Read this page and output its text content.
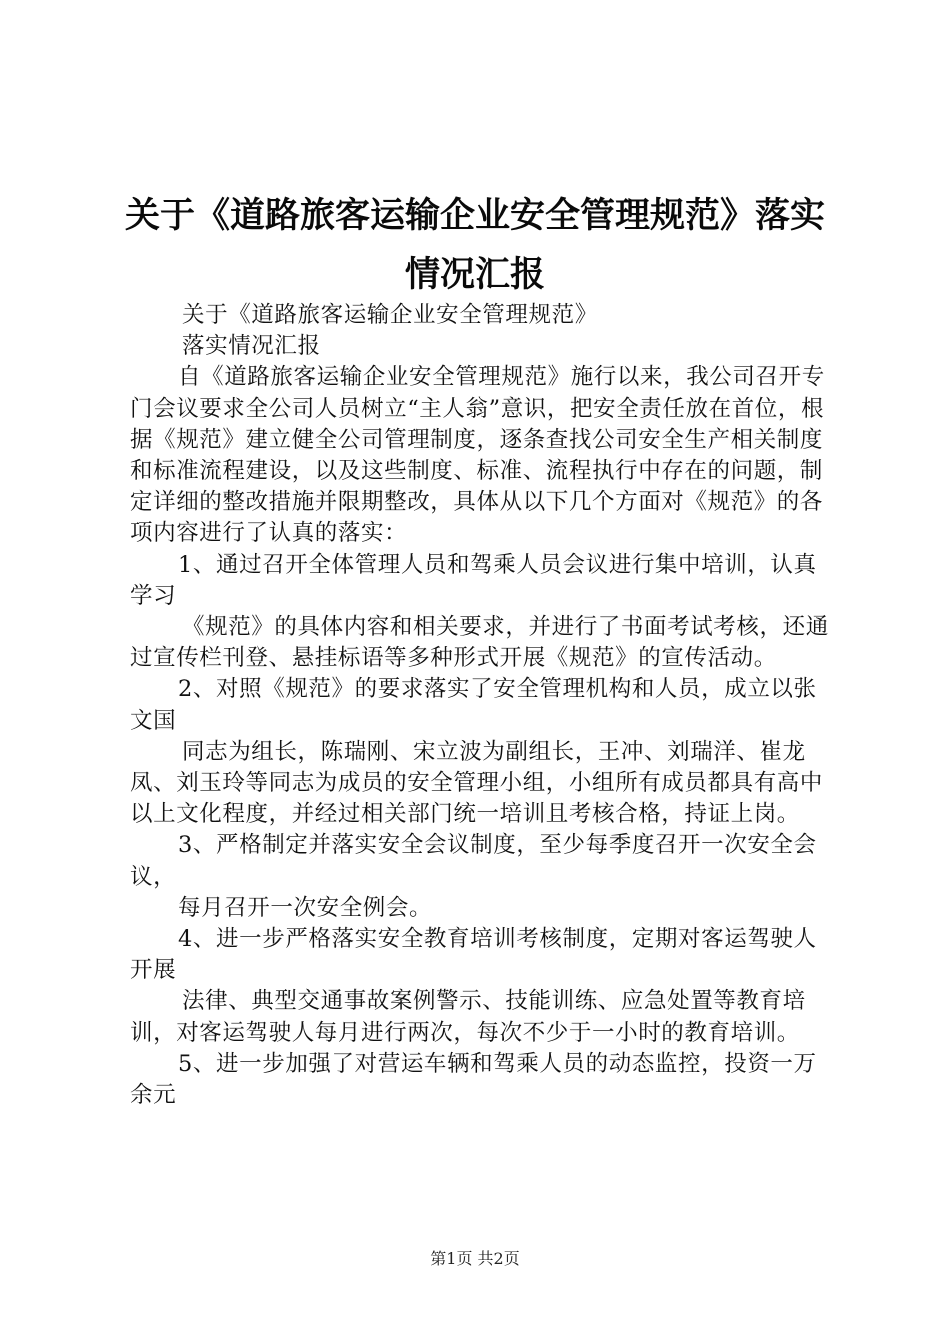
关于《道路旅客运输企业安全管理规范》落实
情况汇报

关于《道路旅客运输企业安全管理规范》

落实情况汇报

自《道路旅客运输企业安全管理规范》施行以来，我公司召开专门会议要求全公司人员树立“主人翁”意识，把安全责任放在首位，根据《规范》建立健全公司管理制度，逐条查找公司安全生产相关制度和标准流程建设，以及这些制度、标准、流程执行中存在的问题，制定详细的整改措施并限期整改，具体从以下几个方面对《规范》的各项内容进行了认真的落实：

1、通过召开全体管理人员和驾乘人员会议进行集中培训，认真学习

《规范》的具体内容和相关要求，并进行了书面考试考核，还通过宣传栏刊登、悬挂标语等多种形式开展《规范》的宣传活动。

2、对照《规范》的要求落实了安全管理机构和人员，成立以张文国

同志为组长，陈瑞刚、宋立波为副组长，王冲、刘瑞洋、崔龙凤、刘玉玲等同志为成员的安全管理小组，小组所有成员都具有高中以上文化程度，并经过相关部门统一培训且考核合格，持证上岗。

3、严格制定并落实安全会议制度，至少每季度召开一次安全会议，

每月召开一次安全例会。

4、进一步严格落实安全教育培训考核制度，定期对客运驾驶人开展

法律、典型交通事故案例警示、技能训练、应急处置等教育培训，对客运驾驶人每月进行两次，每次不少于一小时的教育培训。

5、进一步加强了对营运车辆和驾乘人员的动态监控，投资一万余元

第1页 共2页
